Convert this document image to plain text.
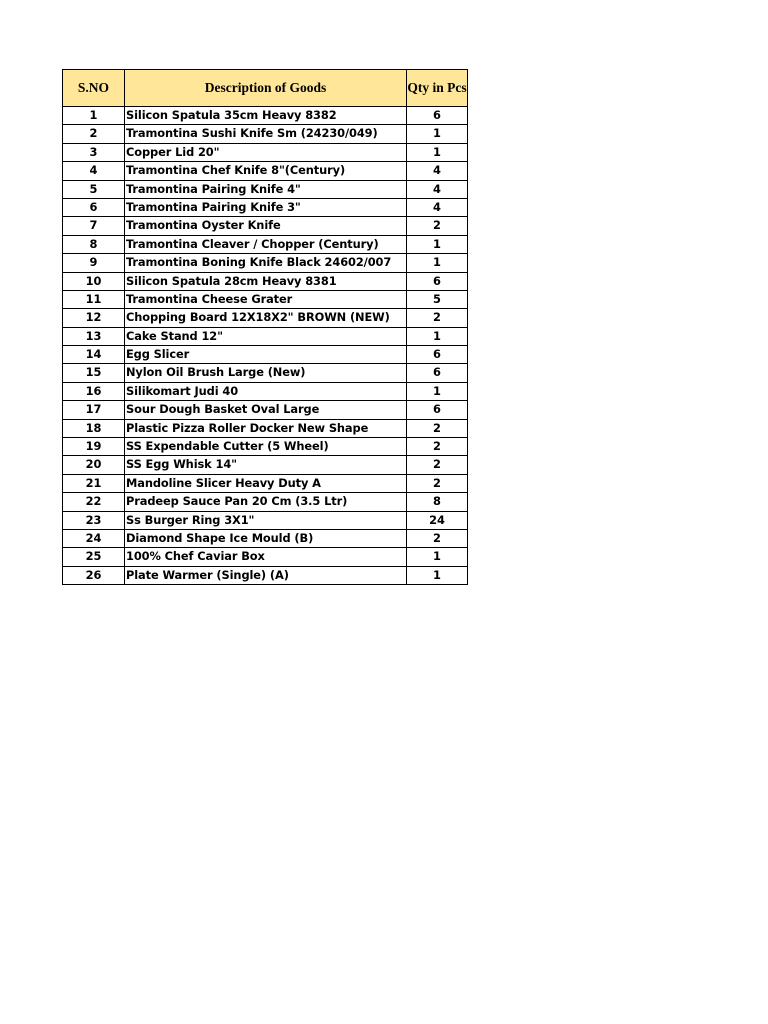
S.NO	Description of Goods	Qty in Pcs
1	Silicon Spatula 35cm Heavy 8382	6
2	Tramontina Sushi Knife Sm (24230/049)	1
3	Copper Lid 20"	1
4	Tramontina Chef Knife 8"(Century)	4
5	Tramontina Pairing Knife 4"	4
6	Tramontina Pairing Knife 3"	4
7	Tramontina Oyster Knife	2
8	Tramontina Cleaver / Chopper (Century)	1
9	Tramontina Boning Knife Black 24602/007	1
10	Silicon Spatula 28cm Heavy 8381	6
11	Tramontina Cheese Grater	5
12	Chopping Board 12X18X2" BROWN (NEW)	2
13	Cake Stand 12"	1
14	Egg Slicer	6
15	Nylon Oil Brush Large (New)	6
16	Silikomart Judi 40	1
17	Sour Dough Basket Oval Large	6
18	Plastic Pizza Roller Docker New Shape	2
19	SS Expendable Cutter (5 Wheel)	2
20	SS Egg Whisk 14"	2
21	Mandoline Slicer Heavy Duty A	2
22	Pradeep Sauce Pan 20 Cm (3.5 Ltr)	8
23	Ss Burger Ring 3X1"	24
24	Diamond Shape Ice Mould (B)	2
25	100% Chef Caviar Box	1
26	Plate Warmer (Single) (A)	1
